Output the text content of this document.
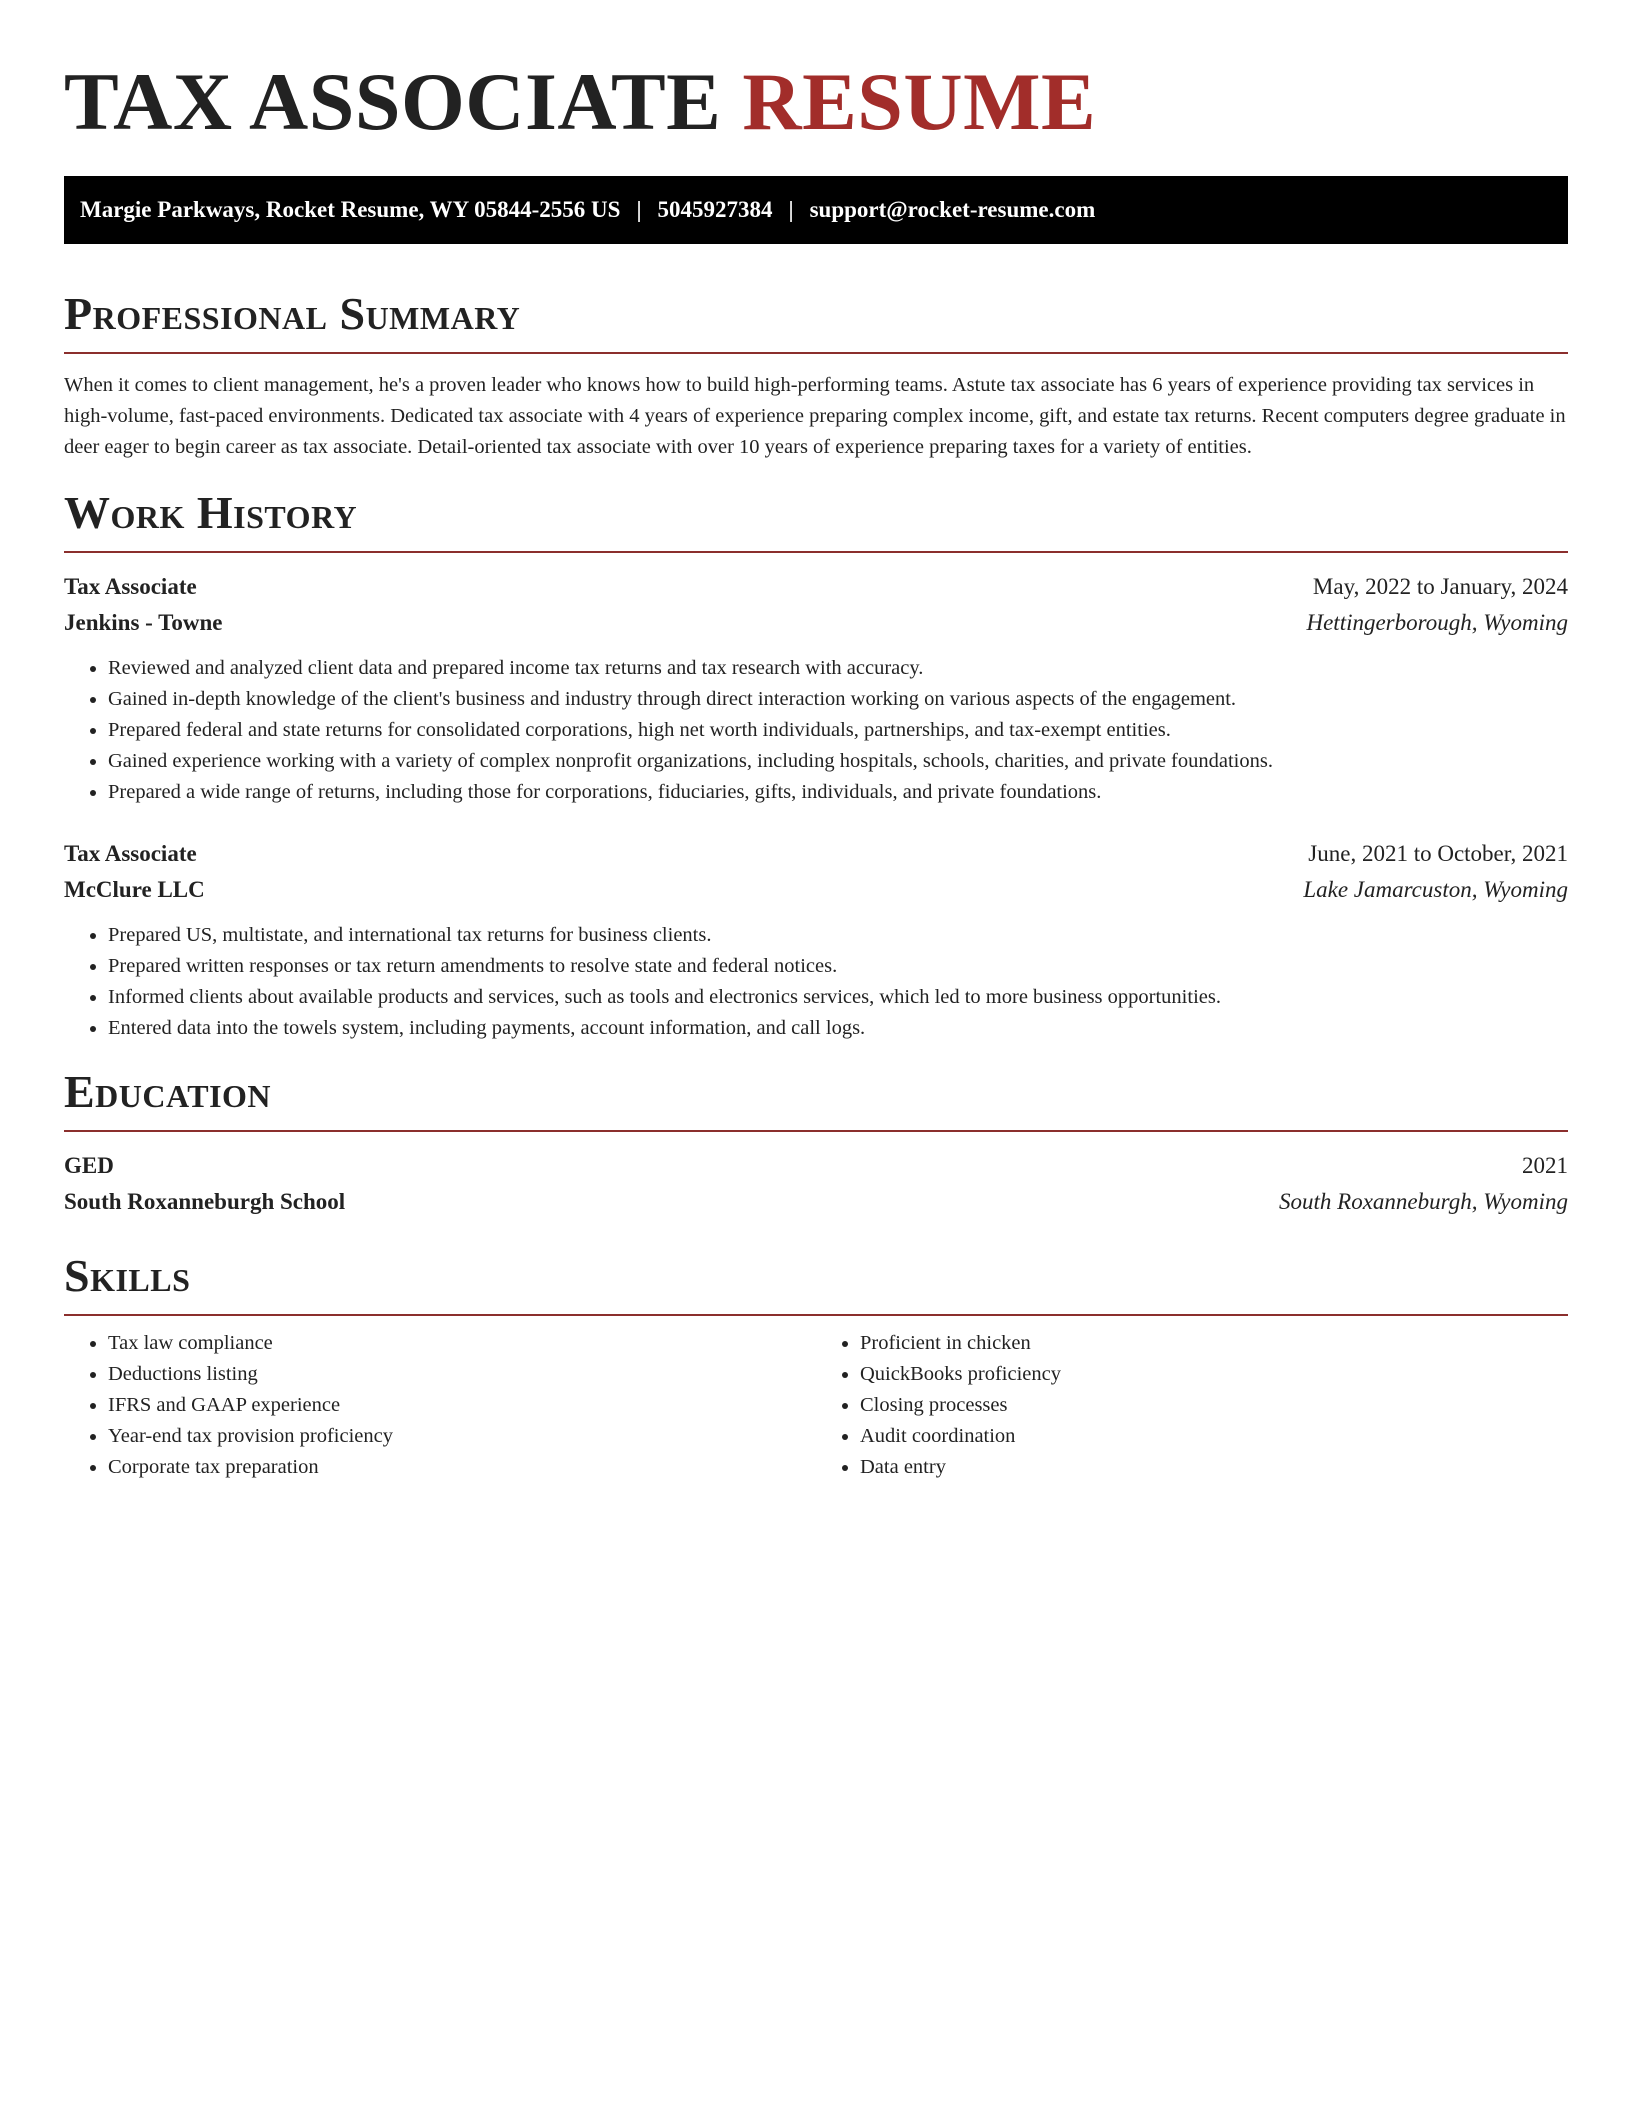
TAX ASSOCIATE RESUME
Margie Parkways, Rocket Resume, WY 05844-2556 US | 5045927384 | support@rocket-resume.com
Professional Summary

When it comes to client management, he's a proven leader who knows how to build high-performing teams. Astute tax associate has 6 years of experience providing tax services in high-volume, fast-paced environments. Dedicated tax associate with 4 years of experience preparing complex income, gift, and estate tax returns. Recent computers degree graduate in deer eager to begin career as tax associate. Detail-oriented tax associate with over 10 years of experience preparing taxes for a variety of entities.

Work History
Tax Associate	May, 2022 to January, 2024
Jenkins - Towne	Hettingerborough, Wyoming
• Reviewed and analyzed client data and prepared income tax returns and tax research with accuracy.
• Gained in-depth knowledge of the client's business and industry through direct interaction working on various aspects of the engagement.
• Prepared federal and state returns for consolidated corporations, high net worth individuals, partnerships, and tax-exempt entities.
• Gained experience working with a variety of complex nonprofit organizations, including hospitals, schools, charities, and private foundations.
• Prepared a wide range of returns, including those for corporations, fiduciaries, gifts, individuals, and private foundations.
Tax Associate	June, 2021 to October, 2021
McClure LLC	Lake Jamarcuston, Wyoming
• Prepared US, multistate, and international tax returns for business clients.
• Prepared written responses or tax return amendments to resolve state and federal notices.
• Informed clients about available products and services, such as tools and electronics services, which led to more business opportunities.
• Entered data into the towels system, including payments, account information, and call logs.
Education
GED	2021
South Roxanneburgh School	South Roxanneburgh, Wyoming
Skills
• Tax law compliance
• Deductions listing
• IFRS and GAAP experience
• Year-end tax provision proficiency
• Corporate tax preparation
• Proficient in chicken
• QuickBooks proficiency
• Closing processes
• Audit coordination
• Data entry
